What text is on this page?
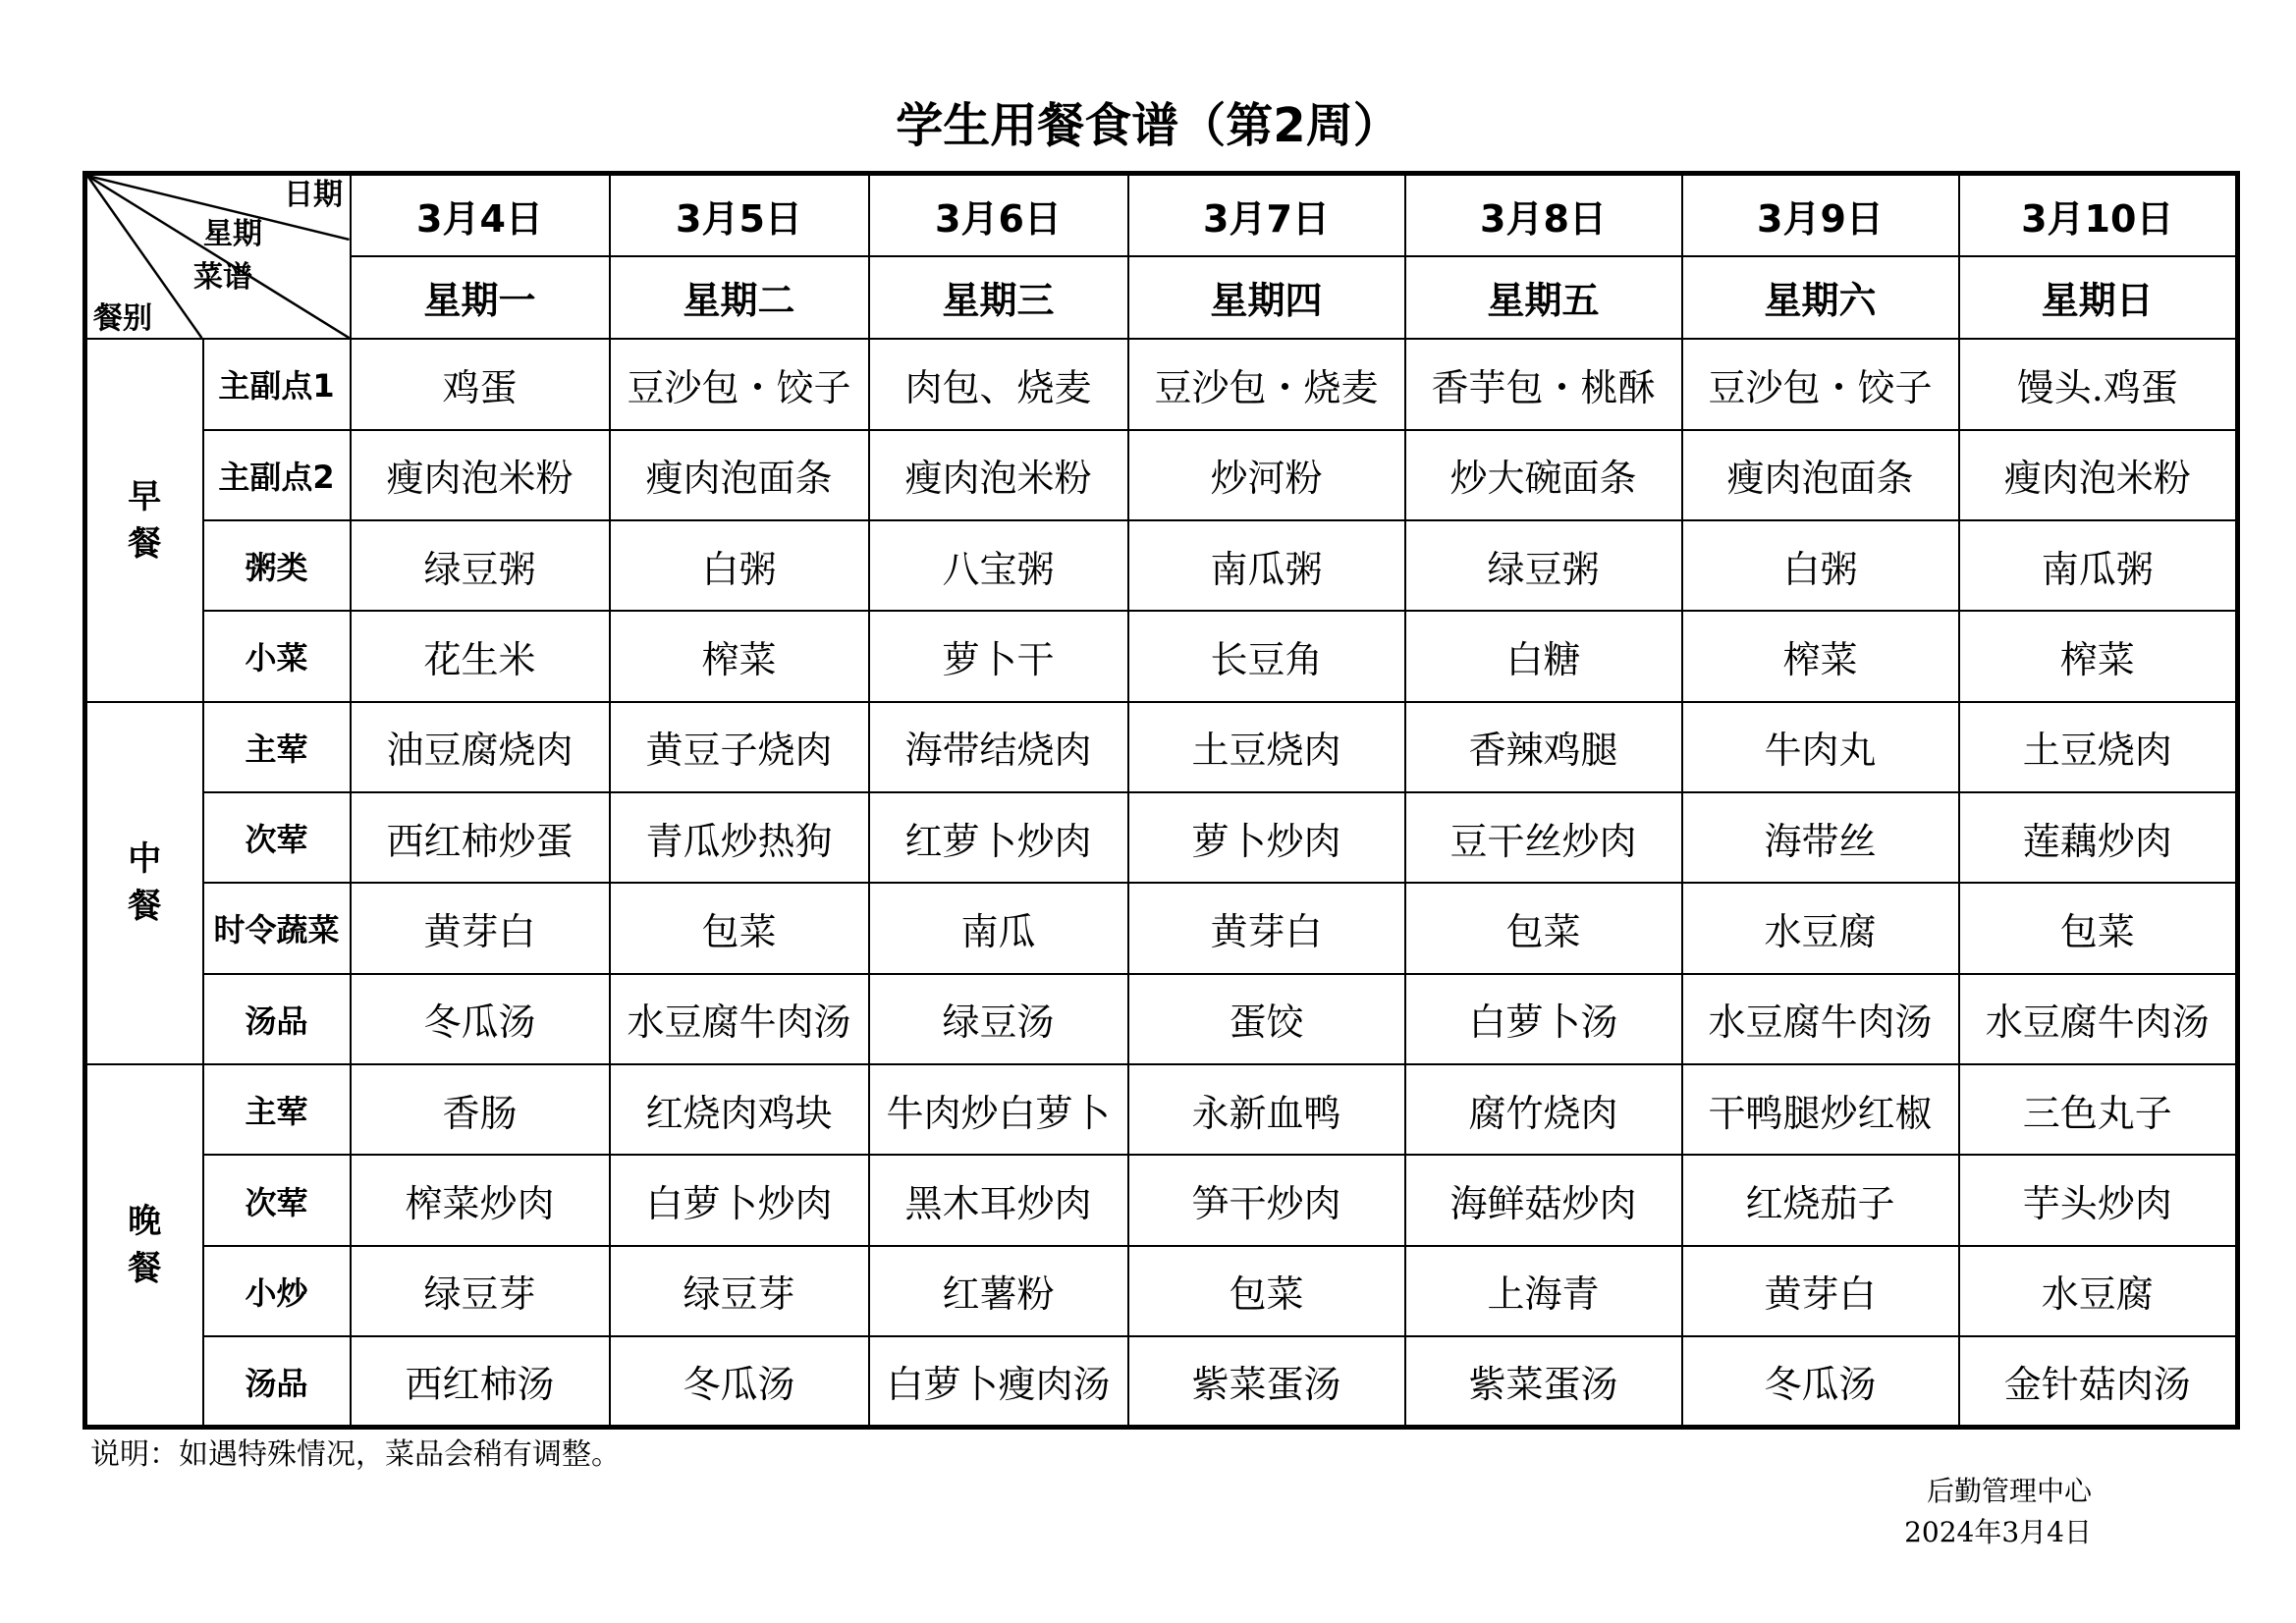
学生用餐食谱（第2周）
日期
星期
菜谱
餐别		3月4日	3月5日	3月6日	3月7日	3月8日	3月9日	3月10日
		星期一	星期二	星期三	星期四	星期五	星期六	星期日

早
餐	主副点1	鸡蛋	豆沙包・饺子	肉包、烧麦	豆沙包・烧麦	香芋包・桃酥	豆沙包・饺子	馒头.鸡蛋
	主副点2	瘦肉泡米粉	瘦肉泡面条	瘦肉泡米粉	炒河粉	炒大碗面条	瘦肉泡面条	瘦肉泡米粉
	粥类	绿豆粥	白粥	八宝粥	南瓜粥	绿豆粥	白粥	南瓜粥
	小菜	花生米	榨菜	萝卜干	长豆角	白糖	榨菜	榨菜

中
餐	主荤	油豆腐烧肉	黄豆子烧肉	海带结烧肉	土豆烧肉	香辣鸡腿	牛肉丸	土豆烧肉
	次荤	西红柿炒蛋	青瓜炒热狗	红萝卜炒肉	萝卜炒肉	豆干丝炒肉	海带丝	莲藕炒肉
	时令蔬菜	黄芽白	包菜	南瓜	黄芽白	包菜	水豆腐	包菜
	汤品	冬瓜汤	水豆腐牛肉汤	绿豆汤	蛋饺	白萝卜汤	水豆腐牛肉汤	水豆腐牛肉汤

晚
餐	主荤	香肠	红烧肉鸡块	牛肉炒白萝卜	永新血鸭	腐竹烧肉	干鸭腿炒红椒	三色丸子
	次荤	榨菜炒肉	白萝卜炒肉	黑木耳炒肉	笋干炒肉	海鲜菇炒肉	红烧茄子	芋头炒肉
	小炒	绿豆芽	绿豆芽	红薯粉	包菜	上海青	黄芽白	水豆腐
	汤品	西红柿汤	冬瓜汤	白萝卜瘦肉汤	紫菜蛋汤	紫菜蛋汤	冬瓜汤	金针菇肉汤
说明：如遇特殊情况，菜品会稍有调整。
后勤管理中心
2024年3月4日
